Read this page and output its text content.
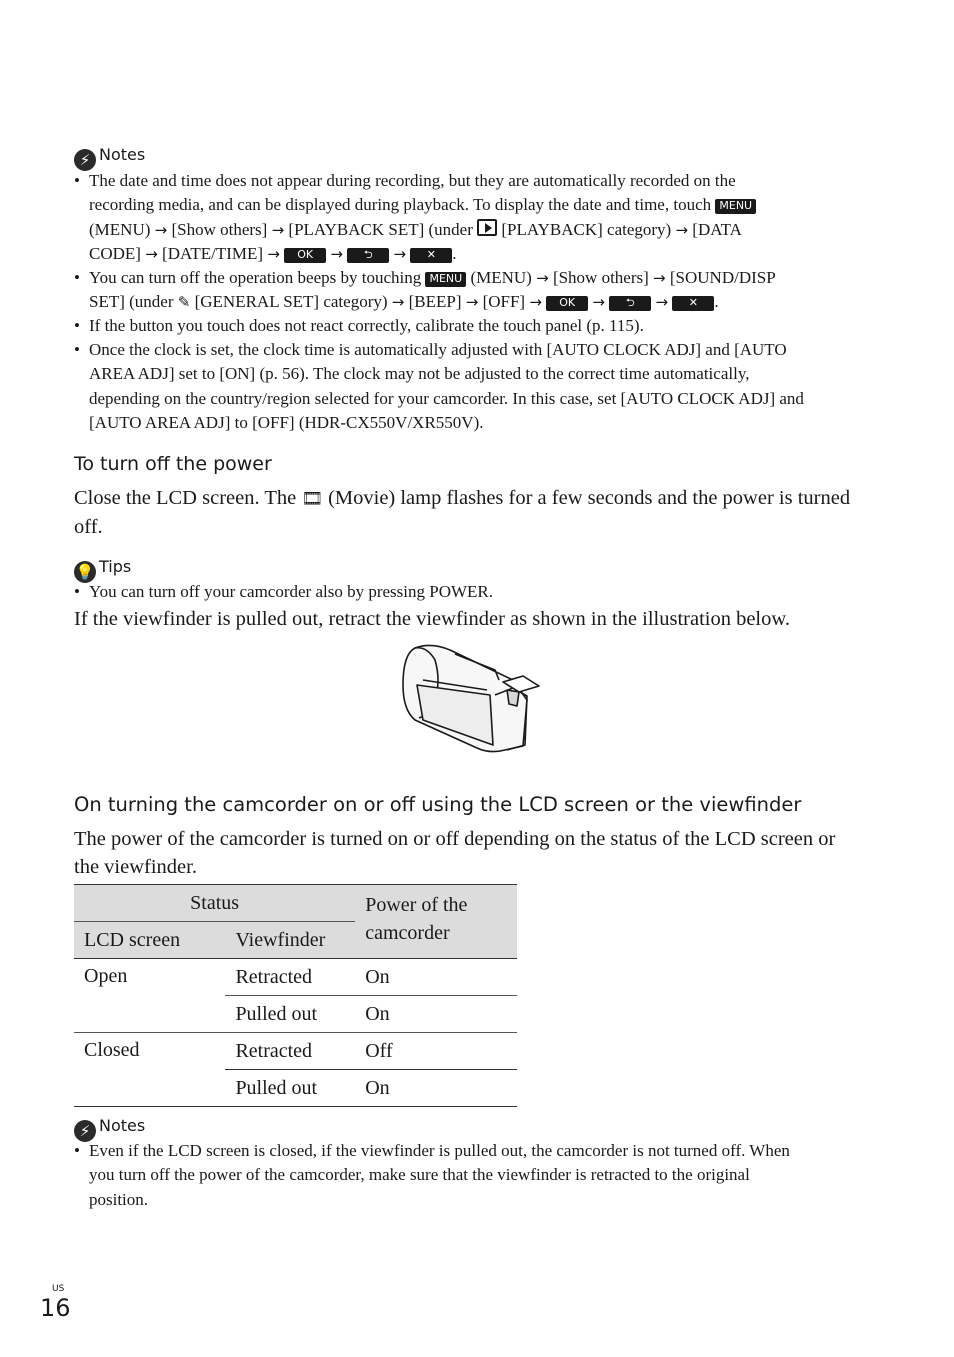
⚡ Notes
• The date and time does not appear during recording, but they are automatically recorded on the
recording media, and can be displayed during playback. To display the date and time, touch MENU
(MENU) → [Show others] → [PLAYBACK SET] (under [PLAYBACK] category) → [DATA
CODE] → [DATE/TIME] → OK → ⮌ → ✕ .
• You can turn off the operation beeps by touching MENU (MENU) → [Show others] → [SOUND/DISP
SET] (under ✎ [GENERAL SET] category) → [BEEP] → [OFF] → OK → ⮌ → ✕ .
• If the button you touch does not react correctly, calibrate the touch panel (p. 115).
• Once the clock is set, the clock time is automatically adjusted with [AUTO CLOCK ADJ] and [AUTO
AREA ADJ] set to [ON] (p. 56). The clock may not be adjusted to the correct time automatically,
depending on the country/region selected for your camcorder. In this case, set [AUTO CLOCK ADJ] and
[AUTO AREA ADJ] to [OFF] (HDR-CX550V/XR550V).
To turn off the power
Close the LCD screen. The 🎞 (Movie) lamp flashes for a few seconds and the power is turned
off.
💡 Tips
• You can turn off your camcorder also by pressing POWER.
If the viewfinder is pulled out, retract the viewfinder as shown in the illustration below.
On turning the camcorder on or off using the LCD screen or the viewfinder
The power of the camcorder is turned on or off depending on the status of the LCD screen or
the viewfinder.
Status		Power of the
camcorder

LCD screen	Viewfinder	
Open	Retracted	On
	Pulled out	On
Closed	Retracted	Off
	Pulled out	On
⚡ Notes
• Even if the LCD screen is closed, if the viewfinder is pulled out, the camcorder is not turned off. When
you turn off the power of the camcorder, make sure that the viewfinder is retracted to the original
position.
US
16
